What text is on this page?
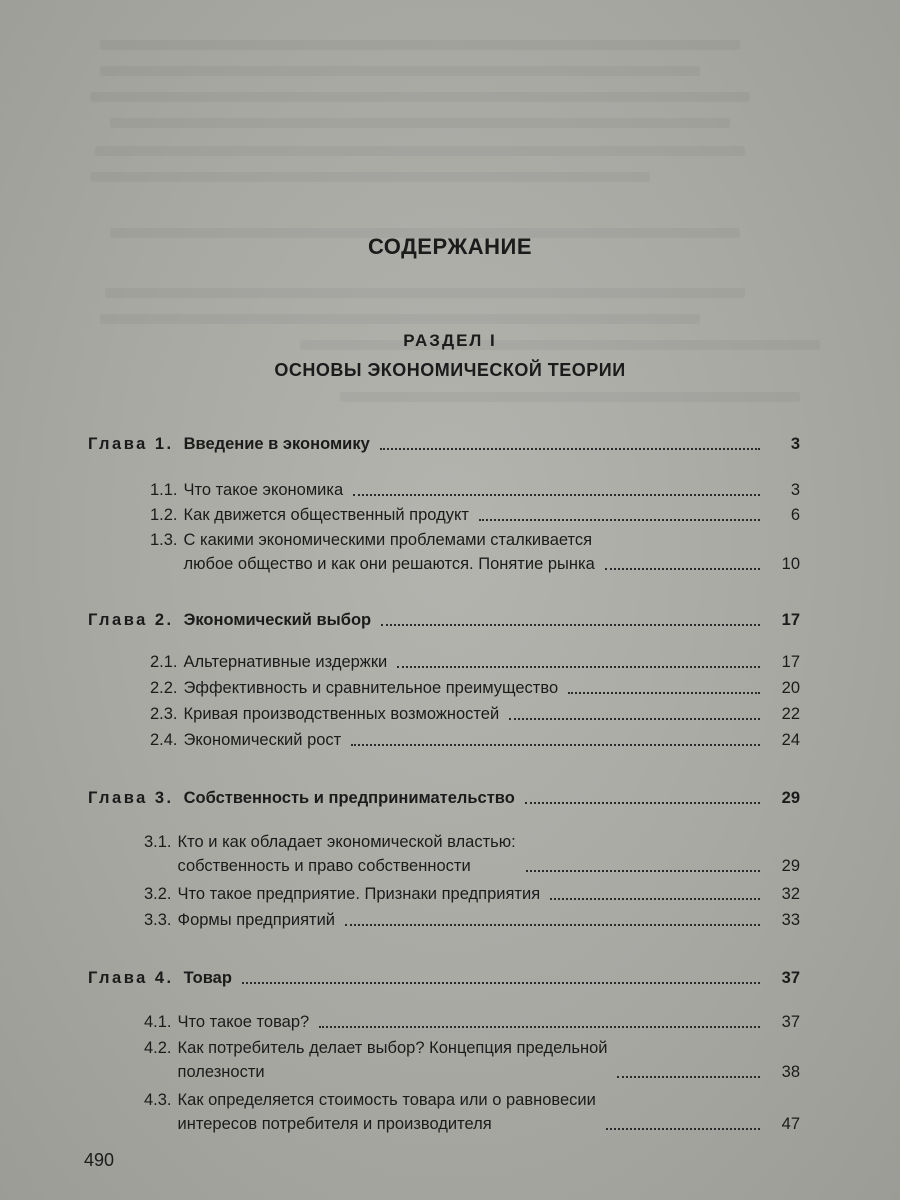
СОДЕРЖАНИЕ
РАЗДЕЛ I
ОСНОВЫ ЭКОНОМИЧЕСКОЙ ТЕОРИИ
Глава 1. Введение в экономику	3
1.1. Что такое экономика	3
1.2. Как движется общественный продукт	6
1.3. С какими экономическими проблемами сталкивается
любое общество и как они решаются. Понятие рынка	10
Глава 2. Экономический выбор	17
2.1. Альтернативные издержки	17
2.2. Эффективность и сравнительное преимущество	20
2.3. Кривая производственных возможностей	22
2.4. Экономический рост	24
Глава 3. Собственность и предпринимательство	29
3.1. Кто и как обладает экономической властью:
собственность и право собственности	29
3.2. Что такое предприятие. Признаки предприятия	32
3.3. Формы предприятий	33
Глава 4. Товар	37
4.1. Что такое товар?	37
4.2. Как потребитель делает выбор? Концепция предельной
полезности	38
4.3. Как определяется стоимость товара или о равновесии
интересов потребителя и производителя	47
490
